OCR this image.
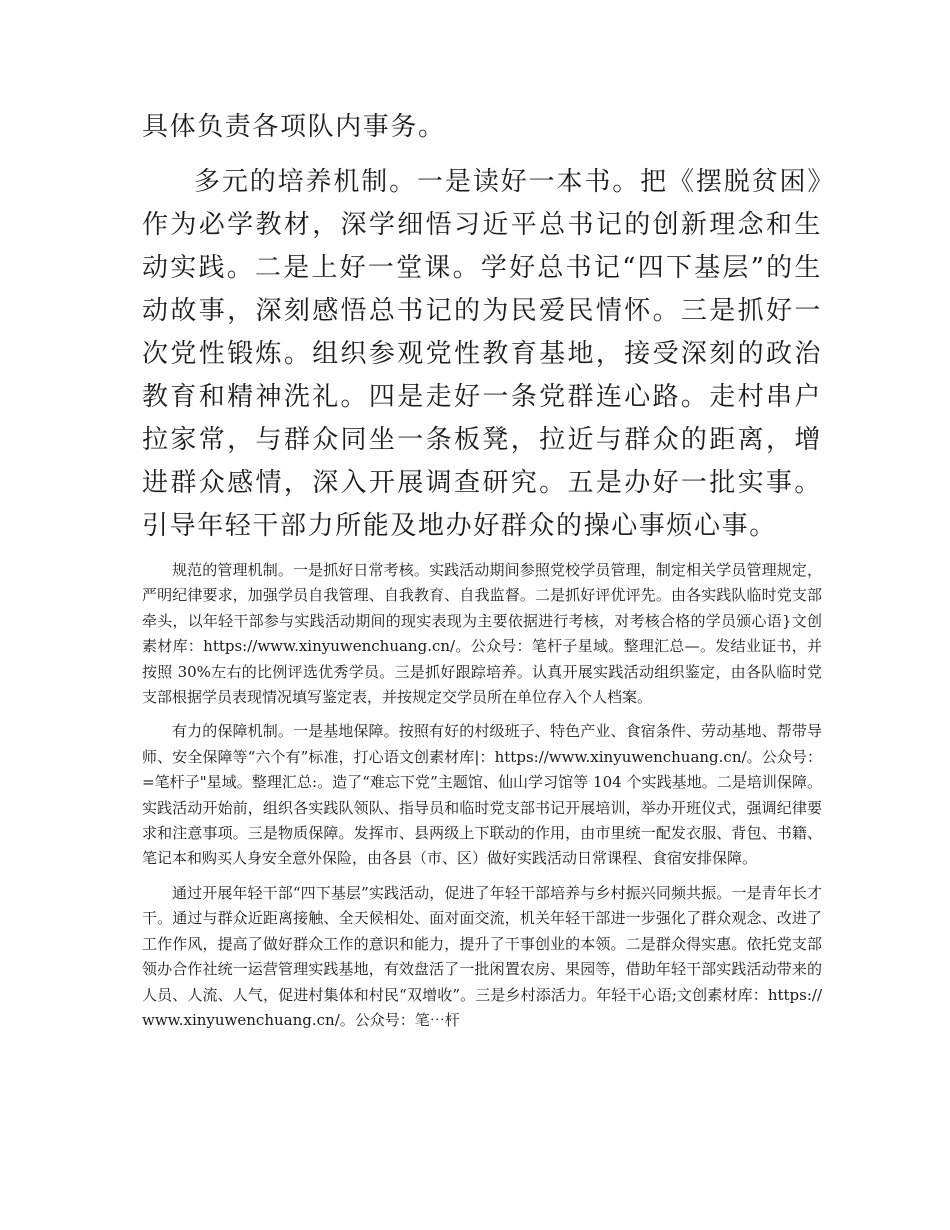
具体负责各项队内事务。

多元的培养机制。一是读好一本书。把《摆脱贫困》作为必学教材，深学细悟习近平总书记的创新理念和生动实践。二是上好一堂课。学好总书记“四下基层”的生动故事，深刻感悟总书记的为民爱民情怀。三是抓好一次党性锻炼。组织参观党性教育基地，接受深刻的政治教育和精神洗礼。四是走好一条党群连心路。走村串户拉家常，与群众同坐一条板凳，拉近与群众的距离，增进群众感情，深入开展调查研究。五是办好一批实事。引导年轻干部力所能及地办好群众的操心事烦心事。

规范的管理机制。一是抓好日常考核。实践活动期间参照党校学员管理，制定相关学员管理规定，严明纪律要求，加强学员自我管理、自我教育、自我监督。二是抓好评优评先。由各实践队临时党支部牵头，以年轻干部参与实践活动期间的现实表现为主要依据进行考核，对考核合格的学员颁心语}文创素材库：https://www.xinyuwenchuang.cn/。公众号：笔杆子星域。整理汇总—。发结业证书，并按照 30%左右的比例评选优秀学员。三是抓好跟踪培养。认真开展实践活动组织鉴定，由各队临时党支部根据学员表现情况填写鉴定表，并按规定交学员所在单位存入个人档案。

有力的保障机制。一是基地保障。按照有好的村级班子、特色产业、食宿条件、劳动基地、帮带导师、安全保障等“六个有”标准，打心语文创素材库|：https://www.xinyuwenchuang.cn/。公众号：=笔杆子"星域。整理汇总:。造了“难忘下党”主题馆、仙山学习馆等 104 个实践基地。二是培训保障。实践活动开始前，组织各实践队领队、指导员和临时党支部书记开展培训，举办开班仪式，强调纪律要求和注意事项。三是物质保障。发挥市、县两级上下联动的作用，由市里统一配发衣服、背包、书籍、笔记本和购买人身安全意外保险，由各县（市、区）做好实践活动日常课程、食宿安排保障。

通过开展年轻干部“四下基层”实践活动，促进了年轻干部培养与乡村振兴同频共振。一是青年长才干。通过与群众近距离接触、全天候相处、面对面交流，机关年轻干部进一步强化了群众观念、改进了工作作风，提高了做好群众工作的意识和能力，提升了干事创业的本领。二是群众得实惠。依托党支部领办合作社统一运营管理实践基地，有效盘活了一批闲置农房、果园等，借助年轻干部实践活动带来的人员、人流、人气，促进村集体和村民“双增收”。三是乡村添活力。年轻干心语;文创素材库：https://www.xinyuwenchuang.cn/。公众号：笔⋯杆
